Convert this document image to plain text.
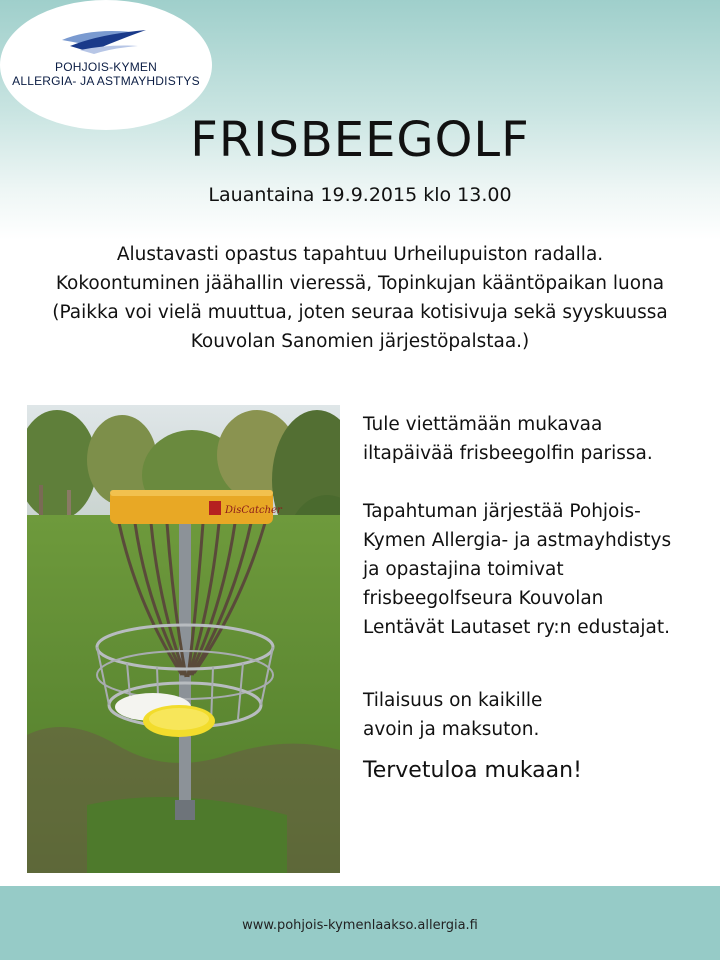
POHJOIS-KYMEN
ALLERGIA- JA ASTMAYHDISTYS
FRISBEEGOLF
Lauantaina 19.9.2015 klo 13.00
Alustavasti opastus tapahtuu Urheilupuiston radalla.
Kokoontuminen jäähallin vieressä, Topinkujan kääntöpaikan luona
(Paikka voi vielä muuttua, joten seuraa kotisivuja sekä syyskuussa
Kouvolan Sanomien järjestöpalstaa.)
DisCatcher
Tule viettämään mukavaa
iltapäivää frisbeegolfin parissa.
Tapahtuman järjestää Pohjois-
Kymen Allergia- ja astmayhdistys
ja opastajina toimivat
frisbeegolfseura Kouvolan
Lentävät Lautaset ry:n edustajat.
Tilaisuus on kaikille
avoin ja maksuton.
Tervetuloa mukaan!
www.pohjois-kymenlaakso.allergia.fi
